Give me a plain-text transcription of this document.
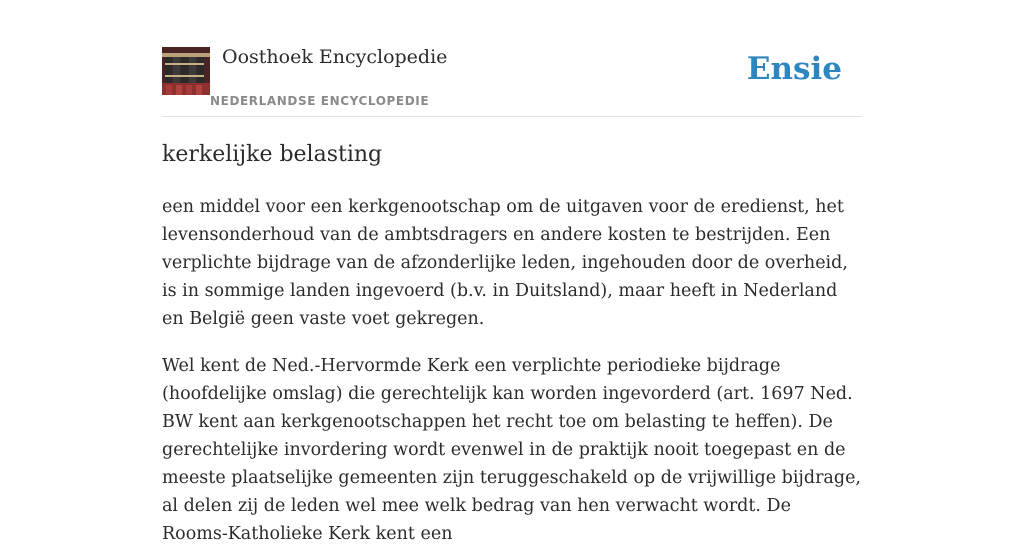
Oosthoek Encyclopedie
NEDERLANDSE ENCYCLOPEDIE
Ensie
kerkelijke belasting

een middel voor een kerkgenootschap om de uitgaven voor de eredienst, het levensonderhoud van de ambtsdragers en andere kosten te bestrijden. Een verplichte bijdrage van de afzonderlijke leden, ingehouden door de overheid, is in sommige landen ingevoerd (b.v. in Duitsland), maar heeft in Nederland en België geen vaste voet gekregen.

Wel kent de Ned.-Hervormde Kerk een verplichte periodieke bijdrage (hoofdelijke omslag) die gerechtelijk kan worden ingevorderd (art. 1697 Ned. BW kent aan kerkgenootschappen het recht toe om belasting te heffen). De gerechtelijke invordering wordt evenwel in de praktijk nooit toegepast en de meeste plaatselijke gemeenten zijn teruggeschakeld op de vrijwillige bijdrage, al delen zij de leden wel mee welk bedrag van hen verwacht wordt. De Rooms-Katholieke Kerk kent een
